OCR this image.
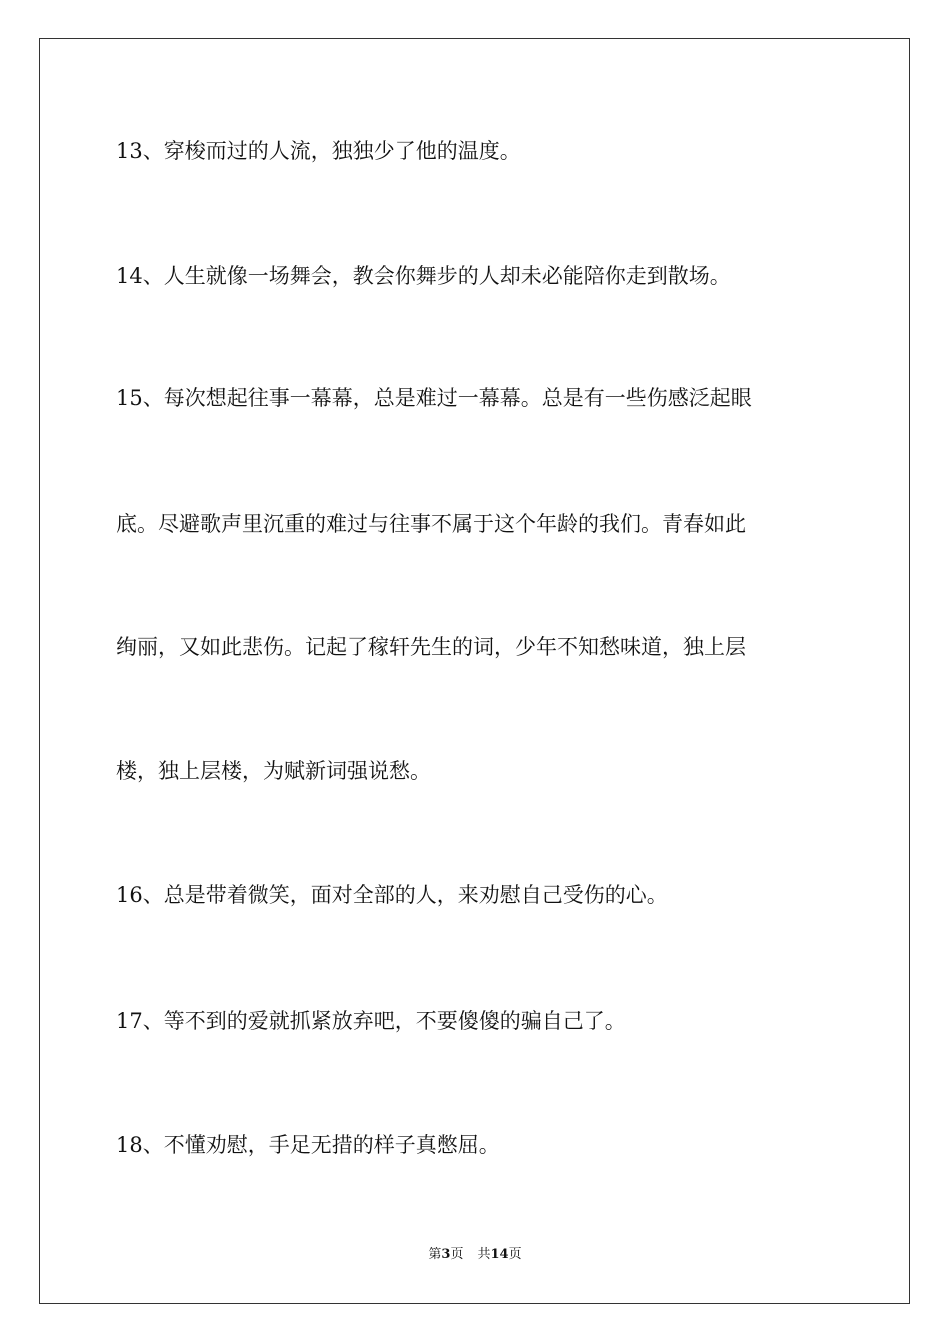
13、穿梭而过的人流，独独少了他的温度。

14、人生就像一场舞会，教会你舞步的人却未必能陪你走到散场。

15、每次想起往事一幕幕，总是难过一幕幕。总是有一些伤感泛起眼

底。尽避歌声里沉重的难过与往事不属于这个年龄的我们。青春如此

绚丽，又如此悲伤。记起了稼轩先生的词，少年不知愁味道，独上层

楼，独上层楼，为赋新词强说愁。

16、总是带着微笑，面对全部的人，来劝慰自己受伤的心。

17、等不到的爱就抓紧放弃吧，不要傻傻的骗自己了。

18、不懂劝慰，手足无措的样子真憋屈。

第3页 共14页
